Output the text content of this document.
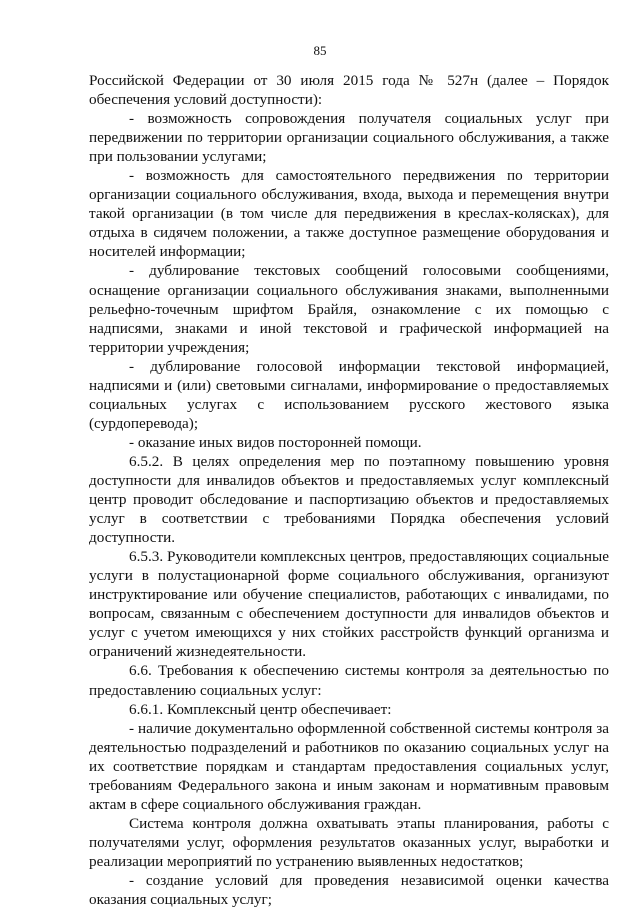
85

Российской Федерации от 30 июля 2015 года № 527н (далее – Порядок обеспечения условий доступности):

- возможность сопровождения получателя социальных услуг при передвижении по территории организации социального обслуживания, а также при пользовании услугами;

- возможность для самостоятельного передвижения по территории организации социального обслуживания, входа, выхода и перемещения внутри такой организации (в том числе для передвижения в креслах-колясках), для отдыха в сидячем положении, а также доступное размещение оборудования и носителей информации;

- дублирование текстовых сообщений голосовыми сообщениями, оснащение организации социального обслуживания знаками, выполненными рельефно-точечным шрифтом Брайля, ознакомление с их помощью с надписями, знаками и иной текстовой и графической информацией на территории учреждения;

- дублирование голосовой информации текстовой информацией, надписями и (или) световыми сигналами, информирование о предоставляемых социальных услугах с использованием русского жестового языка (сурдоперевода);

- оказание иных видов посторонней помощи.

6.5.2. В целях определения мер по поэтапному повышению уровня доступности для инвалидов объектов и предоставляемых услуг комплексный центр проводит обследование и паспортизацию объектов и предоставляемых услуг в соответствии с требованиями Порядка обеспечения условий доступности.

6.5.3. Руководители комплексных центров, предоставляющих социальные услуги в полустационарной форме социального обслуживания, организуют инструктирование или обучение специалистов, работающих с инвалидами, по вопросам, связанным с обеспечением доступности для инвалидов объектов и услуг с учетом имеющихся у них стойких расстройств функций организма и ограничений жизнедеятельности.

6.6. Требования к обеспечению системы контроля за деятельностью по предоставлению социальных услуг:

6.6.1. Комплексный центр обеспечивает:

- наличие документально оформленной собственной системы контроля за деятельностью подразделений и работников по оказанию социальных услуг на их соответствие порядкам и стандартам предоставления социальных услуг, требованиям Федерального закона и иным законам и нормативным правовым актам в сфере социального обслуживания граждан.

Система контроля должна охватывать этапы планирования, работы с получателями услуг, оформления результатов оказанных услуг, выработки и реализации мероприятий по устранению выявленных недостатков;

- создание условий для проведения независимой оценки качества оказания социальных услуг;
